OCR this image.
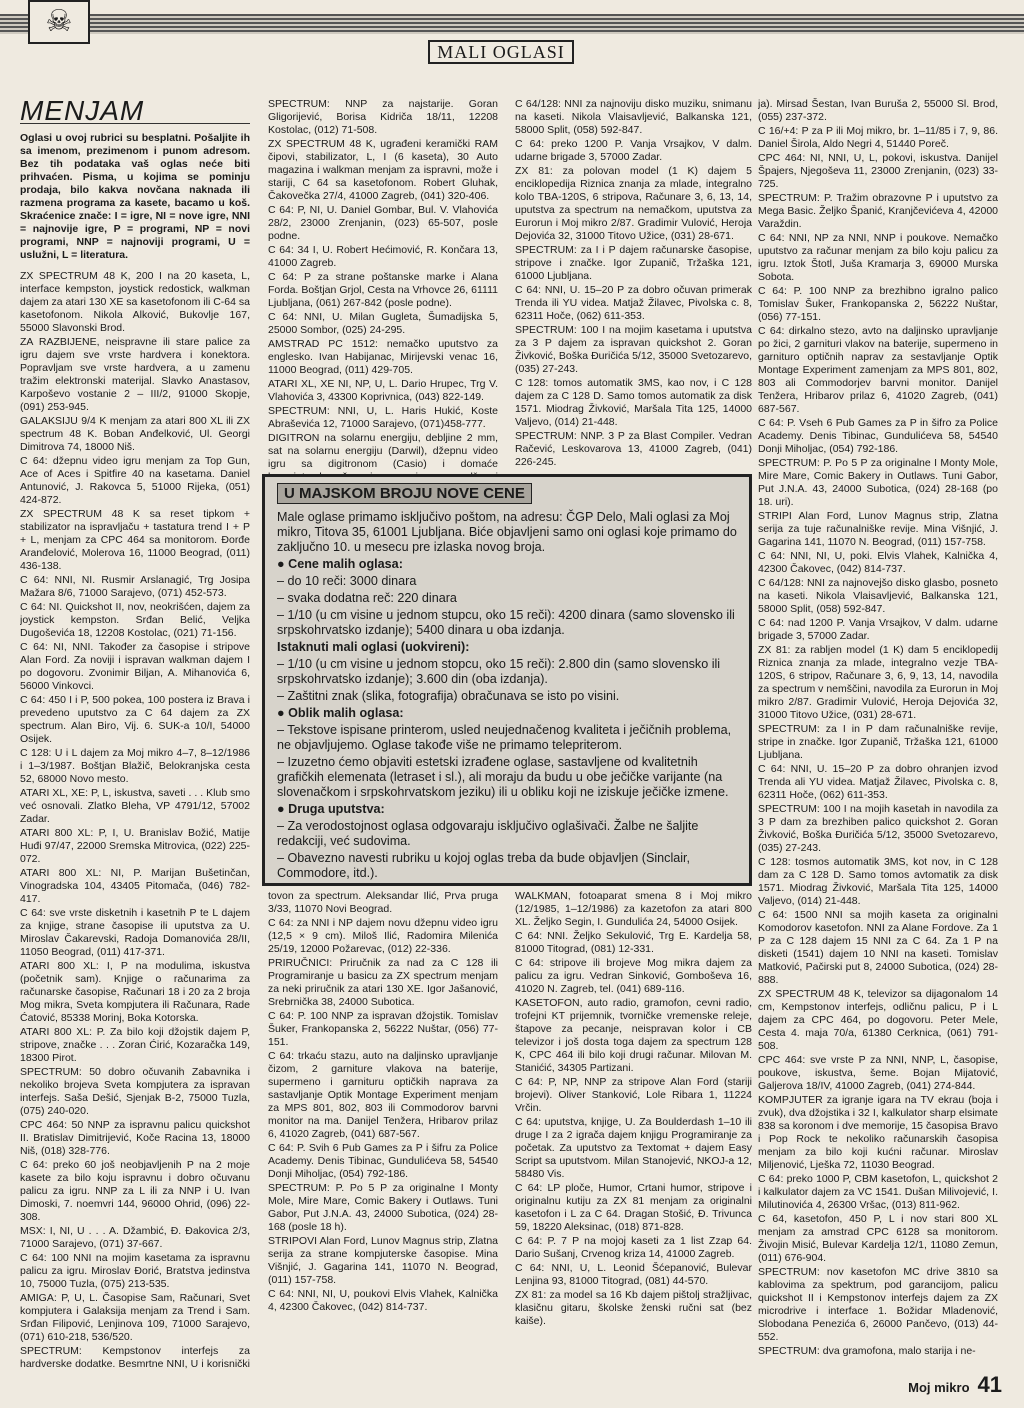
☠
MALI OGLASI
MENJAM

Oglasi u ovoj rubrici su besplatni. Pošaljite ih sa imenom, prezimenom i punom adresom. Bez tih podataka vaš oglas neće biti prihvaćen. Pisma, u kojima se pominju prodaja, bilo kakva novčana naknada ili razmena programa za kasete, bacamo u koš. Skraćenice znače: I = igre, NI = nove igre, NNI = najnovije igre, P = programi, NP = novi programi, NNP = najnoviji programi, U = uslužni, L = literatura.

ZX SPECTRUM 48 K, 200 I na 20 kaseta, L, interface kempston, joystick redostick, walkman dajem za atari 130 XE sa kasetofonom ili C-64 sa kasetofonom. Nikola Alković, Bukovlje 167, 55000 Slavonski Brod.

ZA RAZBIJENE, neispravne ili stare palice za igru dajem sve vrste hardvera i konektora. Popravljam sve vrste hardvera, a u zamenu tražim elektronski materijal. Slavko Anastasov, Karpoševo vostanie 2 – III/2, 91000 Skopje, (091) 253-945.

GALAKSIJU 9/4 K menjam za atari 800 XL ili ZX spectrum 48 K. Boban Anđelković, Ul. Georgi Dimitrova 74, 18000 Niš.

C 64: džepnu video igru menjam za Top Gun, Ace of Aces i Spitfire 40 na kasetama. Daniel Antunović, J. Rakovca 5, 51000 Rijeka, (051) 424-872.

ZX SPECTRUM 48 K sa reset tipkom + stabilizator na ispravljaču + tastatura trend I + P + L, menjam za CPC 464 sa monitorom. Đorđe Aranđelović, Molerova 16, 11000 Beograd, (011) 436-138.

C 64: NNI, NI. Rusmir Arslanagić, Trg Josipa Mažara 8/6, 71000 Sarajevo, (071) 452-573.

C 64: NI. Quickshot II, nov, neokrišćen, dajem za joystick kempston. Srđan Belić, Veljka Dugoševića 18, 12208 Kostolac, (021) 71-156.

C 64: NI, NNI. Također za časopise i stripove Alan Ford. Za noviji i ispravan walkman dajem I po dogovoru. Zvonimir Biljan, A. Mihanovića 6, 56000 Vinkovci.

C 64: 450 I i P, 500 pokea, 100 postera iz Brava i prevedeno uputstvo za C 64 dajem za ZX spectrum. Alan Biro, Vij. 6. SUK-a 10/I, 54000 Osijek.

C 128: U i L dajem za Moj mikro 4–7, 8–12/1986 i 1–3/1987. Boštjan Blažič, Belokranjska cesta 52, 68000 Novo mesto.

ATARI XL, XE: P, L, iskustva, saveti . . . Klub smo već osnovali. Zlatko Bleha, VP 4791/12, 57002 Zadar.

ATARI 800 XL: P, I, U. Branislav Božić, Matije Huđi 97/47, 22000 Sremska Mitrovica, (022) 225-072.

ATARI 800 XL: NI, P. Marijan Bušetinčan, Vinogradska 104, 43405 Pitomača, (046) 782-417.

C 64: sve vrste disketnih i kasetnih P te L dajem za knjige, strane časopise ili uputstva za U. Miroslav Čakarevski, Radoja Domanovića 28/II, 11050 Beograd, (011) 417-371.

ATARI 800 XL: I, P na modulima, iskustva (početnik sam). Knjige o računarima za računarske časopise, Računari 18 i 20 za 2 broja Mog mikra, Sveta kompjutera ili Računara, Rade Ćatović, 85338 Morinj, Boka Kotorska.

ATARI 800 XL: P. Za bilo koji džojstik dajem P, stripove, značke . . . Zoran Ćirić, Kozaračka 149, 18300 Pirot.

SPECTRUM: 50 dobro očuvanih Zabavnika i nekoliko brojeva Sveta kompjutera za ispravan interfejs. Saša Dešić, Sjenjak B-2, 75000 Tuzla, (075) 240-020.

CPC 464: 50 NNP za ispravnu palicu quickshot II. Bratislav Dimitrijević, Koče Racina 13, 18000 Niš, (018) 328-776.

C 64: preko 60 još neobjavljenih P na 2 moje kasete za bilo koju ispravnu i dobro očuvanu palicu za igru. NNP za L ili za NNP i U. Ivan Dimoski, 7. noemvri 144, 96000 Ohrid, (096) 22-308.

MSX: I, NI, U . . . A. Džambić, Đ. Đakovica 2/3, 71000 Sarajevo, (071) 37-667.

C 64: 100 NNI na mojim kasetama za ispravnu palicu za igru. Miroslav Đorić, Bratstva jedinstva 10, 75000 Tuzla, (075) 213-535.

AMIGA: P, U, L. Časopise Sam, Računari, Svet kompjutera i Galaksija menjam za Trend i Sam. Srđan Filipović, Lenjinova 109, 71000 Sarajevo, (071) 610-218, 536/520.

SPECTRUM: Kempstonov interfejs za hardverske dodatke. Besmrtne NNI, U i korisnički

SPECTRUM: NNP za najstarije. Goran Gligorijević, Borisa Kidriča 18/11, 12208 Kostolac, (012) 71-508.

ZX SPECTRUM 48 K, ugrađeni keramički RAM čipovi, stabilizator, L, I (6 kaseta), 30 Auto magazina i walkman menjam za ispravni, može i stariji, C 64 sa kasetofonom. Robert Gluhak, Čakovečka 27/4, 41000 Zagreb, (041) 320-406.

C 64: P, NI, U. Daniel Gombar, Bul. V. Vlahovića 28/2, 23000 Zrenjanin, (023) 65-507, posle podne.

C 64: 34 I, U. Robert Hećimović, R. Končara 13, 41000 Zagreb.

C 64: P za strane poštanske marke i Alana Forda. Boštjan Grjol, Cesta na Vrhovce 26, 61111 Ljubljana, (061) 267-842 (posle podne).

C 64: NNI, U. Milan Gugleta, Šumadijska 5, 25000 Sombor, (025) 24-295.

AMSTRAD PC 1512: nemačko uputstvo za englesko. Ivan Habijanac, Mirijevski venac 16, 11000 Beograd, (011) 429-705.

ATARI XL, XE NI, NP, U, L. Dario Hrupec, Trg V. Vlahovića 3, 43300 Koprivnica, (043) 822-149.

SPECTRUM: NNI, U, L. Haris Hukić, Koste Abraševića 12, 71000 Sarajevo, (071)458-777.

DIGITRON na solarnu energiju, debljine 2 mm, sat na solarnu energiju (Darwil), džepnu video igru sa digitronom (Casio) i domaće

C 64/128: NNI za najnoviju disko muziku, snimanu na kaseti. Nikola Vlaisavljević, Balkanska 121, 58000 Split, (058) 592-847.

C 64: preko 1200 P. Vanja Vrsajkov, V dalm. udarne brigade 3, 57000 Zadar.

ZX 81: za polovan model (1 K) dajem 5 enciklopedija Riznica znanja za mlade, integralno kolo TBA-120S, 6 stripova, Računare 3, 6, 13, 14, uputstva za spectrum na nemačkom, uputstva za Eurorun i Moj mikro 2/87. Gradimir Vulović, Heroja Dejovića 32, 31000 Titovo Užice, (031) 28-671.

SPECTRUM: za I i P dajem računarske časopise, stripove i značke. Igor Zupanič, Tržaška 121, 61000 Ljubljana.

C 64: NNI, U. 15–20 P za dobro očuvan primerak Trenda ili YU videa. Matjaž Žilavec, Pivolska c. 8, 62311 Hoče, (062) 611-353.

SPECTRUM: 100 I na mojim kasetama i uputstva za 3 P dajem za ispravan quickshot 2. Goran Živković, Boška Đuričića 5/12, 35000 Svetozarevo, (035) 27-243.

C 128: tomos automatik 3MS, kao nov, i C 128 dajem za C 128 D. Samo tomos automatik za disk 1571. Miodrag Živković, Maršala Tita 125, 14000 Valjevo, (014) 21-448.

SPECTRUM: NNP. 3 P za Blast Compiler. Vedran Račević, Leskovarova 13, 41000 Zagreb, (041) 226-245.

ja). Mirsad Šestan, Ivan Buruša 2, 55000 Sl. Brod, (055) 237-372.

C 16/+4: P za P ili Moj mikro, br. 1–11/85 i 7, 9, 86. Daniel Širola, Aldo Negri 4, 51440 Poreč.

CPC 464: NI, NNI, U, L, pokovi, iskustva. Danijel Špajers, Njegoševa 11, 23000 Zrenjanin, (023) 33-725.

SPECTRUM: P. Tražim obrazovne P i uputstvo za Mega Basic. Željko Španić, Kranjčevićeva 4, 42000 Varaždin.

C 64: NNI, NP za NNI, NNP i poukove. Nemačko uputstvo za računar menjam za bilo koju palicu za igru. Iztok Štotl, Juša Kramarja 3, 69000 Murska Sobota.

C 64: P. 100 NNP za brezhibno igralno palico Tomislav Šuker, Frankopanska 2, 56222 Nuštar, (056) 77-151.

C 64: dirkalno stezo, avto na daljinsko upravljanje po žici, 2 garnituri vlakov na baterije, supermeno in garnituro optičnih naprav za sestavljanje Optik Montage Experiment zamenjam za MPS 801, 802, 803 ali Commodorjev barvni monitor. Danijel Tenžera, Hribarov prilaz 6, 41020 Zagreb, (041) 687-567.

C 64: P. Vseh 6 Pub Games za P in šifro za Police Academy. Denis Tibinac, Gundulićeva 58, 54540 Donji Miholjac, (054) 792-186.

SPECTRUM: P. Po 5 P za originalne I Monty Mole, Mire Mare, Comic Bakery in Outlaws. Tuni Gabor, Put J.N.A. 43, 24000 Subotica, (024) 28-168 (po 18. uri).

STRIPI Alan Ford, Lunov Magnus strip, Zlatna serija za tuje računalniške revije. Mina Višnjić, J. Gagarina 141, 11070 N. Beograd, (011) 157-758.

C 64: NNI, NI, U, poki. Elvis Vlahek, Kalnička 4, 42300 Čakovec, (042) 814-737.

C 64/128: NNI za najnovejšo disko glasbo, posneto na kaseti. Nikola Vlaisavljević, Balkanska 121, 58000 Split, (058) 592-847.

C 64: nad 1200 P. Vanja Vrsajkov, V dalm. udarne brigade 3, 57000 Zadar.

ZX 81: za rabljen model (1 K) dam 5 enciklopedij Riznica znanja za mlade, integralno vezje TBA-120S, 6 stripov, Računare 3, 6, 9, 13, 14, navodila za spectrum v nemščini, navodila za Eurorun in Moj mikro 2/87. Gradimir Vulović, Heroja Dejovića 32, 31000 Titovo Užice, (031) 28-671.

SPECTRUM: za I in P dam računalniške revije, stripe in značke. Igor Zupanič, Tržaška 121, 61000 Ljubljana.

C 64: NNI, U. 15–20 P za dobro ohranjen izvod Trenda ali YU videa. Matjaž Žilavec, Pivolska c. 8, 62311 Hoče, (062) 611-353.

SPECTRUM: 100 I na mojih kasetah in navodila za 3 P dam za brezhiben palico quickshot 2. Goran Živković, Boška Đuričića 5/12, 35000 Svetozarevo, (035) 27-243.

C 128: tosmos automatik 3MS, kot nov, in C 128 dam za C 128 D. Samo tomos avtomatik za disk 1571. Miodrag Živković, Maršala Tita 125, 14000 Valjevo, (014) 21-448.

C 64: 1500 NNI sa mojih kaseta za originalni Komodorov kasetofon. NNI za Alane Fordove. Za 1 P za C 128 dajem 15 NNI za C 64. Za 1 P na disketi (1541) dajem 10 NNI na kaseti. Tomislav Matković, Pačirski put 8, 24000 Subotica, (024) 28-888.

ZX SPECTRUM 48 K, televizor sa dijagonalom 14 cm, Kempstonov interfejs, odličnu palicu, P i L dajem za CPC 464, po dogovoru. Peter Mele, Cesta 4. maja 70/a, 61380 Cerknica, (061) 791-508.

CPC 464: sve vrste P za NNI, NNP, L, časopise, poukove, iskustva, šeme. Bojan Mijatović, Galjerova 18/IV, 41000 Zagreb, (041) 274-844.

KOMPJUTER za igranje igara na TV ekrau (boja i zvuk), dva džojstika i 32 I, kalkulator sharp elsimate 838 sa koronom i dve memorije, 15 časopisa Bravo i Pop Rock te nekoliko računarskih časopisa menjam za bilo koji kućni računar. Miroslav Miljenović, Lješka 72, 11030 Beograd.

C 64: preko 1000 P, CBM kasetofon, L, quickshot 2 i kalkulator dajem za VC 1541. Dušan Milivojević, I. Milutinovića 4, 26300 Vršac, (013) 811-962.

C 64, kasetofon, 450 P, L i nov stari 800 XL menjam za amstrad CPC 6128 sa monitorom. Živojin Misić, Bulevar Kardelja 12/1, 11080 Zemun, (011) 676-904.

SPECTRUM: nov kasetofon MC drive 3810 sa kablovima za spektrum, pod garancijom, palicu quickshot II i Kempstonov interfejs dajem za ZX microdrive i interface 1. Božidar Mladenović, Slobodana Penezića 6, 26000 Pančevo, (013) 44-552.

SPECTRUM: dva gramofona, malo starija i ne-

U MAJSKOM BROJU NOVE CENE

Male oglase primamo isključivo poštom, na adresu: ČGP Delo, Mali oglasi za Moj mikro, Titova 35, 61001 Ljubljana. Biće objavljeni samo oni oglasi koje primamo do zaključno 10. u mesecu pre izlaska novog broja.

● Cene malih oglasa:

– do 10 reči: 3000 dinara

– svaka dodatna reč: 220 dinara

– 1/10 (u cm visine u jednom stupcu, oko 15 reči): 4200 dinara (samo slovensko ili srpskohrvatsko izdanje); 5400 dinara u oba izdanja.

Istaknuti mali oglasi (uokvireni):

– 1/10 (u cm visine u jednom stopcu, oko 15 reči): 2.800 din (samo slovensko ili srpskohrvatsko izdanje); 3.600 din (oba izdanja).

– Zaštitni znak (slika, fotografija) obračunava se isto po visini.

● Oblik malih oglasa:

– Tekstove ispisane printerom, usled neujednačenog kvaliteta i ječičnih problema, ne objavljujemo. Oglase takođe više ne primamo telepriterom.

– Izuzetno ćemo objaviti estetski izrađene oglase, sastavljene od kvalitetnih grafičkih elemenata (letraset i sl.), ali moraju da budu u obe ječičke varijante (na slovenačkom i srpskohrvatskom jeziku) ili u obliku koji ne iziskuje ječičke izmene.

● Druga uputstva:

– Za verodostojnost oglasa odgovaraju isključivo oglašivači. Žalbe ne šaljite redakciji, već sudovima.

– Obavezno navesti rubriku u kojoj oglas treba da bude objavljen (Sinclair, Commodore, itd.).

tovon za spectrum. Aleksandar Ilić, Prva pruga 3/33, 11070 Novi Beograd.

C 64: za NNI i NP dajem novu džepnu video igru (12,5 × 9 cm). Miloš Ilić, Radomira Milenića 25/19, 12000 Požarevac, (012) 22-336.

PRIRUČNICI: Priručnik za nad za C 128 ili Programiranje u basicu za ZX spectrum menjam za neki priručnik za atari 130 XE. Igor Jašanović, Srebrnička 38, 24000 Subotica.

C 64: P. 100 NNP za ispravan džojstik. Tomislav Šuker, Frankopanska 2, 56222 Nuštar, (056) 77-151.

C 64: trkaću stazu, auto na daljinsko upravljanje čizom, 2 garniture vlakova na baterije, supermeno i garnituru optičkih naprava za sastavljanje Optik Montage Experiment menjam za MPS 801, 802, 803 ili Commodorov barvni monitor na ma. Danijel Tenžera, Hribarov prilaz 6, 41020 Zagreb, (041) 687-567.

C 64: P. Svih 6 Pub Games za P i šifru za Police Academy. Denis Tibinac, Gundulićeva 58, 54540 Donji Miholjac, (054) 792-186.

SPECTRUM: P. Po 5 P za originalne I Monty Mole, Mire Mare, Comic Bakery i Outlaws. Tuni Gabor, Put J.N.A. 43, 24000 Subotica, (024) 28-168 (posle 18 h).

STRIPOVI Alan Ford, Lunov Magnus strip, Zlatna serija za strane kompjuterske časopise. Mina Višnjić, J. Gagarina 141, 11070 N. Beograd, (011) 157-758.

C 64: NNI, NI, U, poukovi Elvis Vlahek, Kalnička 4, 42300 Čakovec, (042) 814-737.

WALKMAN, fotoaparat smena 8 i Moj mikro (12/1985, 1–12/1986) za kazetofon za atari 800 XL. Željko Segin, I. Gundulića 24, 54000 Osijek.

C 64: NNI. Željko Sekulović, Trg E. Kardelja 58, 81000 Titograd, (081) 12-331.

C 64: stripove ili brojeve Mog mikra dajem za palicu za igru. Vedran Sinković, Gomboševa 16, 41020 N. Zagreb, tel. (041) 689-116.

KASETOFON, auto radio, gramofon, cevni radio, trofejni KT prijemnik, tvorničke vremenske releje, štapove za pecanje, neispravan kolor i CB televizor i još dosta toga dajem za spectrum 128 K, CPC 464 ili bilo koji drugi računar. Milovan M. Stanićić, 34305 Partizani.

C 64: P, NP, NNP za stripove Alan Ford (stariji brojevi). Oliver Stanković, Lole Ribara 1, 11224 Vrčin.

C 64: uputstva, knjige, U. Za Boulderdash 1–10 ili druge I za 2 igrača dajem knjigu Programiranje za početak. Za uputstvo za Textomat + dajem Easy Script sa uputstvom. Milan Stanojević, NKOJ-a 12, 58480 Vis.

C 64: LP ploče, Humor, Crtani humor, stripove i originalnu kutiju za ZX 81 menjam za originalni kasetofon i L za C 64. Dragan Stošić, Đ. Trivunca 59, 18220 Aleksinac, (018) 871-828.

C 64: P. 7 P na mojoj kaseti za 1 list Zzap 64. Dario Sušanj, Crvenog kriza 14, 41000 Zagreb.

C 64: NNI, U, L. Leonid Šćepanović, Bulevar Lenjina 93, 81000 Titograd, (081) 44-570.

ZX 81: za model sa 16 Kb dajem pištolj stražljivac, klasičnu gitaru, školske ženski ručni sat (bez kaiše).

Moj mikro 41
